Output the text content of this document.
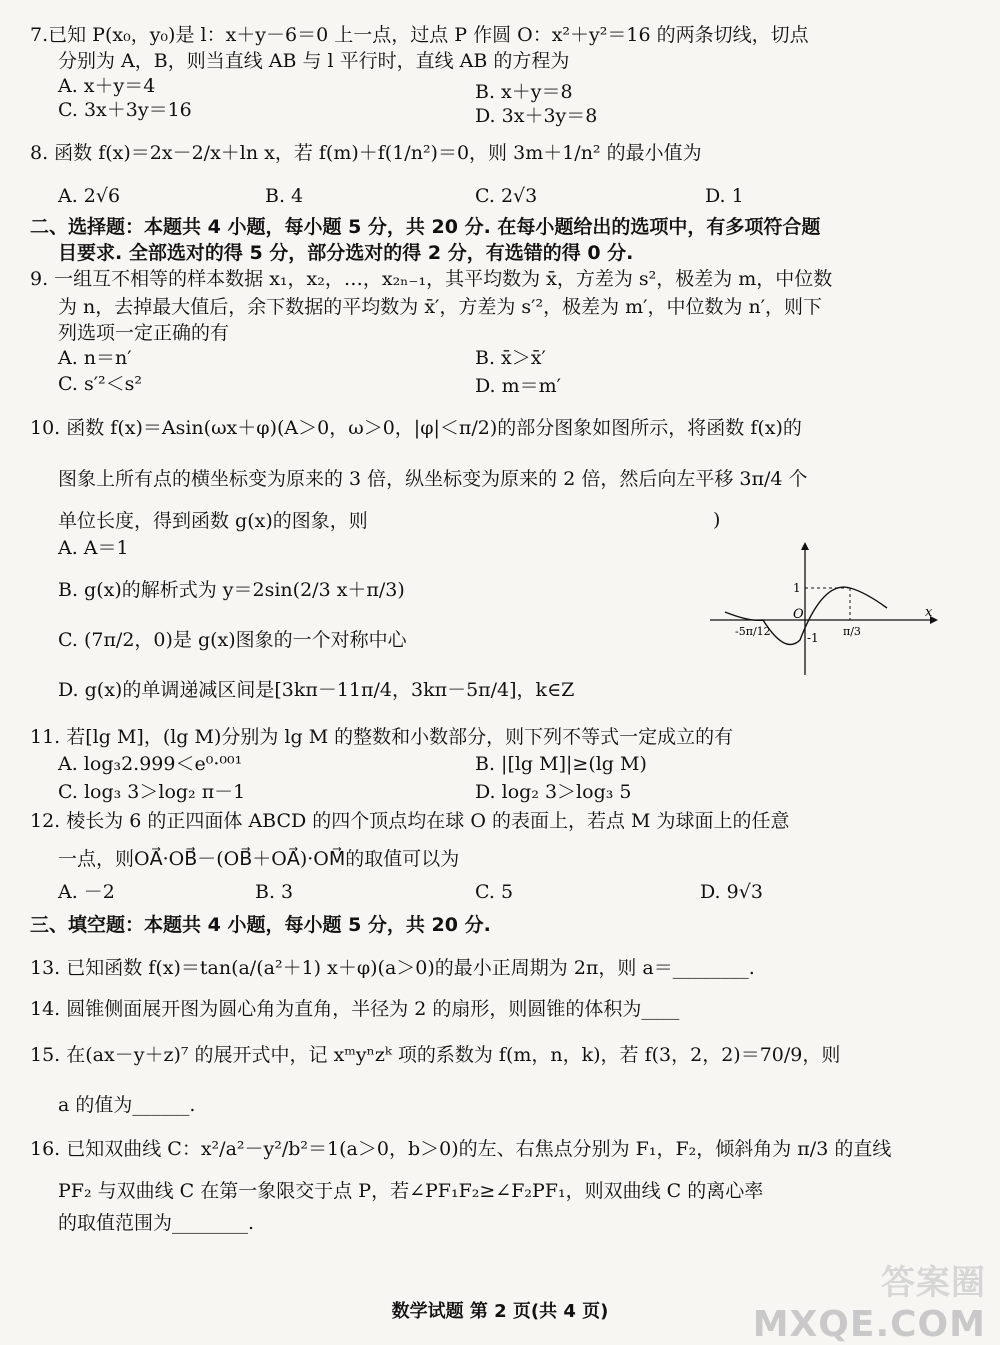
7.已知 P(x₀，y₀)是 l：x＋y－6＝0 上一点，过点 P 作圆 O：x²＋y²＝16 的两条切线，切点
分别为 A，B，则当直线 AB 与 l 平行时，直线 AB 的方程为
A. x＋y＝4	B. x＋y＝8
C. 3x＋3y＝16	D. 3x＋3y＝8
8. 函数 f(x)＝2x－2/x＋ln x，若 f(m)＋f(1/n²)＝0，则 3m＋1/n² 的最小值为
A. 2√6	B. 4	C. 2√3	D. 1
二、选择题：本题共 4 小题，每小题 5 分，共 20 分. 在每小题给出的选项中，有多项符合题
目要求. 全部选对的得 5 分，部分选对的得 2 分，有选错的得 0 分.
9. 一组互不相等的样本数据 x₁，x₂，…，x₂ₙ₋₁，其平均数为 x̄，方差为 s²，极差为 m，中位数
为 n，去掉最大值后，余下数据的平均数为 x̄′，方差为 s′²，极差为 m′，中位数为 n′，则下
列选项一定正确的有
A. n＝n′	B. x̄＞x̄′
C. s′²＜s²	D. m＝m′
10. 函数 f(x)＝Asin(ωx＋φ)(A＞0，ω＞0，|φ|＜π/2)的部分图象如图所示，将函数 f(x)的
图象上所有点的横坐标变为原来的 3 倍，纵坐标变为原来的 2 倍，然后向左平移 3π/4 个
单位长度，得到函数 g(x)的图象，则	)
A. A＝1
B. g(x)的解析式为 y＝2sin(2/3 x＋π/3)
C. (7π/2，0)是 g(x)图象的一个对称中心
D. g(x)的单调递减区间是[3kπ－11π/4，3kπ－5π/4]，k∈Z
1
-1
O	x
-5π/12	π/3
11. 若[lg M]，(lg M)分别为 lg M 的整数和小数部分，则下列不等式一定成立的有
A. log₃2.999＜e⁰·⁰⁰¹	B. |[lg M]|≥(lg M)
C. log₃ 3＞log₂ π－1	D. log₂ 3＞log₃ 5
12. 棱长为 6 的正四面体 ABCD 的四个顶点均在球 O 的表面上，若点 M 为球面上的任意
一点，则OA⃗·OB⃗－(OB⃗＋OA⃗)·OM⃗的取值可以为
A. －2	B. 3	C. 5	D. 9√3
三、填空题：本题共 4 小题，每小题 5 分，共 20 分.
13. 已知函数 f(x)＝tan(a/(a²＋1) x＋φ)(a＞0)的最小正周期为 2π，则 a＝________.
14. 圆锥侧面展开图为圆心角为直角，半径为 2 的扇形，则圆锥的体积为____
15. 在(ax－y＋z)⁷ 的展开式中，记 xᵐyⁿzᵏ 项的系数为 f(m，n，k)，若 f(3，2，2)＝70/9，则
a 的值为______.
16. 已知双曲线 C：x²/a²－y²/b²＝1(a＞0，b＞0)的左、右焦点分别为 F₁，F₂，倾斜角为 π/3 的直线
PF₂ 与双曲线 C 在第一象限交于点 P，若∠PF₁F₂≥∠F₂PF₁，则双曲线 C 的离心率
的取值范围为________.
数学试题 第 2 页(共 4 页)
答案圈
MXQE.COM
